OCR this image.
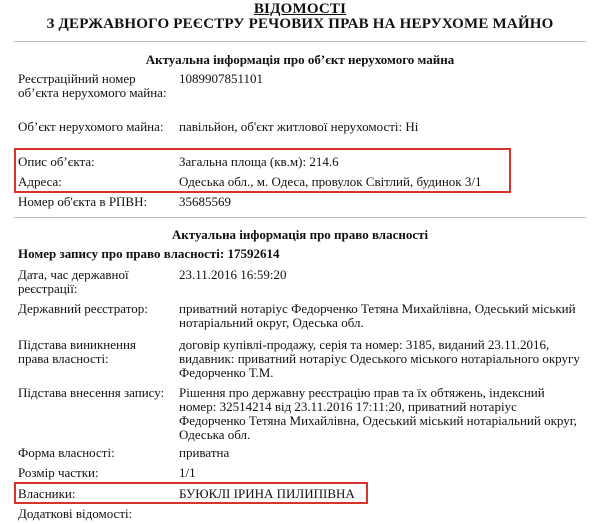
ВІДОМОСТІ
З ДЕРЖАВНОГО РЕЄСТРУ РЕЧОВИХ ПРАВ НА НЕРУХОМЕ МАЙНО
Актуальна інформація про об’єкт нерухомого майна
Реєстраційний номер об’єкта нерухомого майна:
1089907851101
Об’єкт нерухомого майна:	павільйон, об'єкт житлової нерухомості: Ні
Опис об’єкта:	Загальна площа (кв.м): 214.6
Адреса:	Одеська обл., м. Одеса, провулок Світлий, будинок 3/1
Номер об'єкта в РПВН:	35685569
Актуальна інформація про право власності
Номер запису про право власності: 17592614
Дата, час державної реєстрації:
23.11.2016 16:59:20
Державний реєстратор:	приватний нотаріус Федорченко Тетяна Михайлівна, Одеський міський нотаріальний округ, Одеська обл.
Підстава виникнення права власності:
договір купівлі-продажу, серія та номер: 3185, виданий 23.11.2016, видавник: приватний нотаріус Одеського міського нотаріального округу Федорченко Т.М.
Підстава внесення запису: Рішення про державну реєстрацію прав та їх обтяжень, індексний номер: 32514214 від 23.11.2016 17:11:20, приватний нотаріус Федорченко Тетяна Михайлівна, Одеський міський нотаріальний округ, Одеська обл.
Форма власності:	приватна
Розмір частки:	1/1
Власники:	БУЮКЛІ ІРИНА ПИЛИПІВНА
Додаткові відомості:
